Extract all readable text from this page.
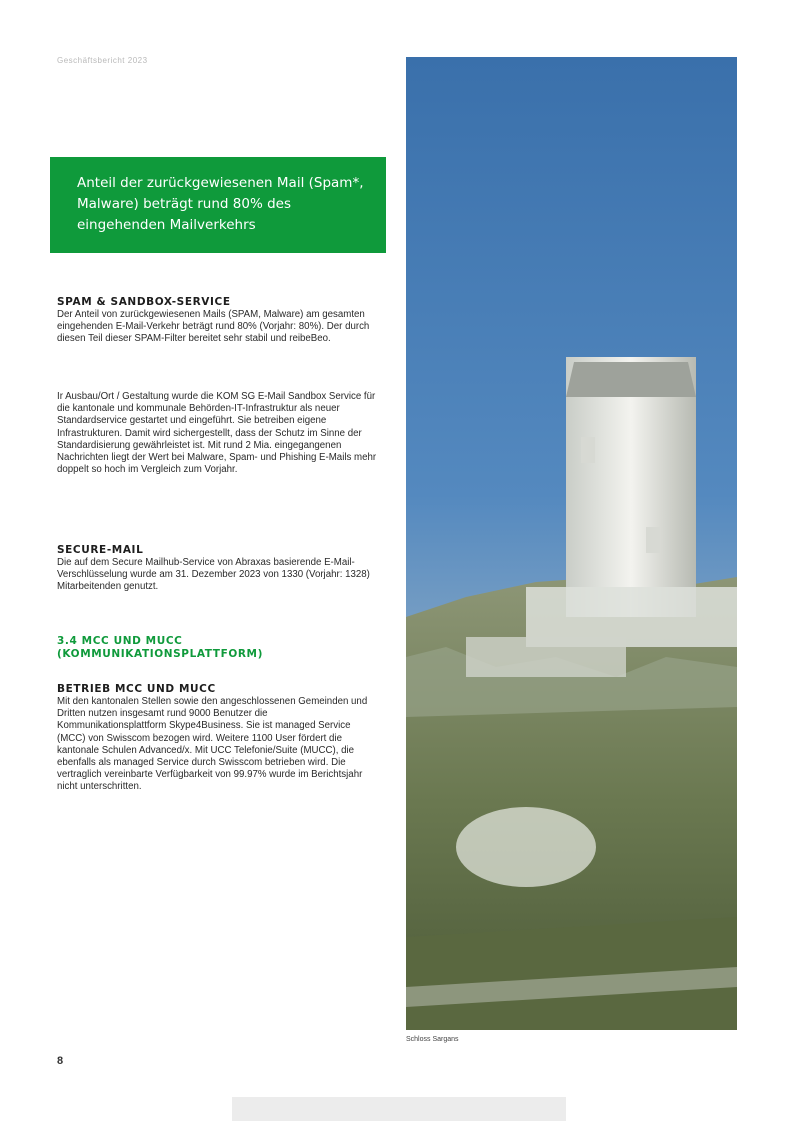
Geschäftsbericht 2023
Anteil der zurückgewiesenen Mail (Spam*, Malware) beträgt rund 80% des eingehenden Mailverkehrs
SPAM & SANDBOX-SERVICE

Der Anteil von zurückgewiesenen Mails (SPAM, Malware) am gesamten eingehenden E-Mail-Verkehr beträgt rund 80% (Vorjahr: 80%). Der durch diesen Teil dieser SPAM-Filter bereitet sehr stabil und reibeBeo.

Ir Ausbau/Ort / Gestaltung wurde die KOM SG E-Mail Sandbox Service für die kantonale und kommunale Behörden-IT-Infrastruktur als neuer Standardservice gestartet und eingeführt. Sie betreiben eigene Infrastrukturen. Damit wird sichergestellt, dass der Schutz im Sinne der Standardisierung gewährleistet ist. Mit rund 2 Mia. eingegangenen Nachrichten liegt der Wert bei Malware, Spam- und Phishing E-Mails mehr doppelt so hoch im Vergleich zum Vorjahr.

SECURE-MAIL

Die auf dem Secure Mailhub-Service von Abraxas basierende E-Mail-Verschlüsselung wurde am 31. Dezember 2023 von 1330 (Vorjahr: 1328) Mitarbeitenden genutzt.

3.4 MCC UND MUCC (KOMMUNIKATIONSPLATTFORM)
BETRIEB MCC UND MUCC

Mit den kantonalen Stellen sowie den angeschlossenen Gemeinden und Dritten nutzen insgesamt rund 9000 Benutzer die Kommunikationsplattform Skype4Business. Sie ist managed Service (MCC) von Swisscom bezogen wird. Weitere 1100 User fördert die kantonale Schulen Advanced/x. Mit UCC Telefonie/Suite (MUCC), die ebenfalls als managed Service durch Swisscom betrieben wird. Die vertraglich vereinbarte Verfügbarkeit von 99.97% wurde im Berichtsjahr nicht unterschritten.

Schloss Sargans
8
